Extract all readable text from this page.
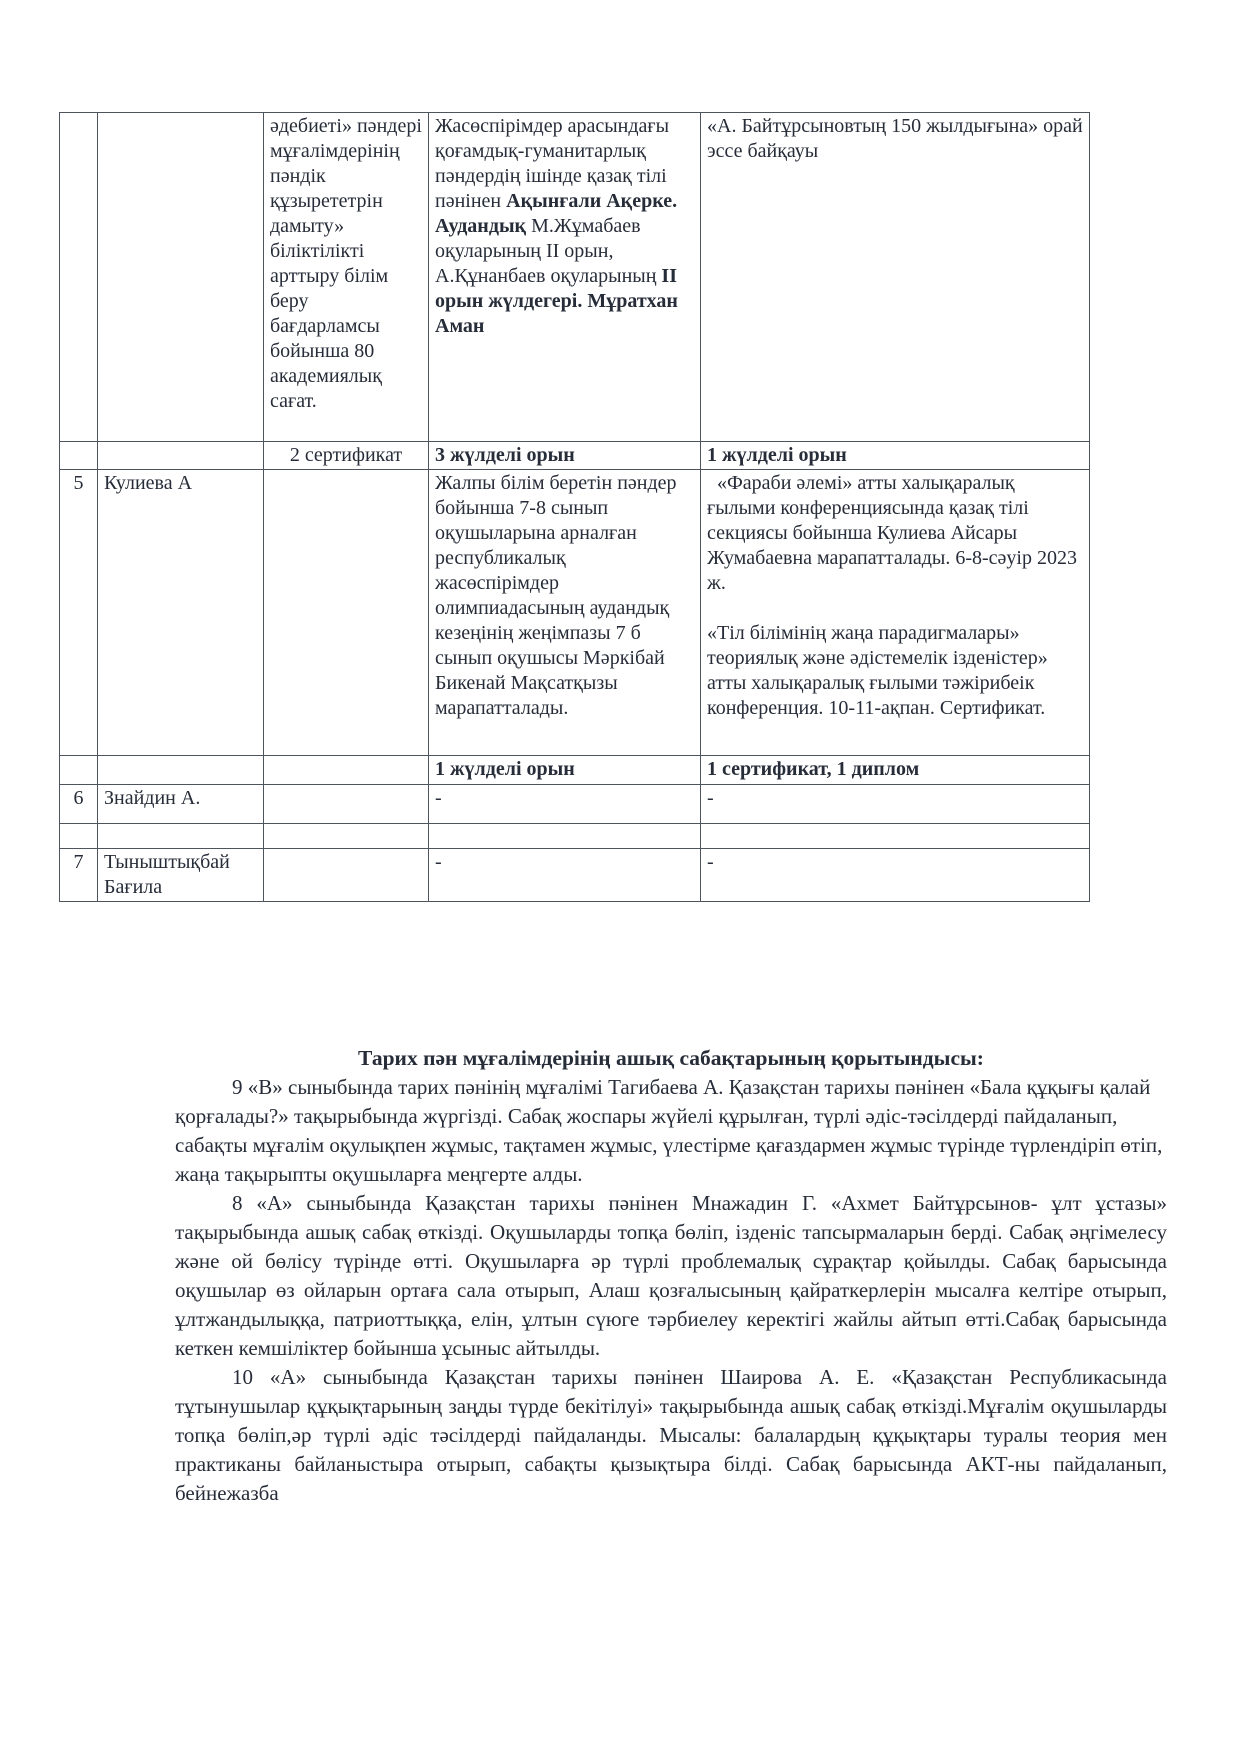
		әдебиеті» пәндері мұғалімдерінің пәндік құзырететрін дамыту» біліктілікті арттыру білім беру бағдарламсы бойынша 80 академиялық сағат.	Жасөспірімдер арасындағы қоғамдық-гуманитарлық пәндердің ішінде қазақ тілі пәнінен Ақынғали Ақерке. Аудандық М.Жұмабаев оқуларының II орын, А.Құнанбаев оқуларының II орын жүлдегері. Мұратхан Аман	«А. Байтұрсыновтың 150 жылдығына» орай эссе байқауы
		2 сертификат	3 жүлделі орын	1 жүлделі орын
5	Кулиева А		Жалпы білім беретін пәндер бойынша 7-8 сынып оқушыларына арналған республикалық жасөспірімдер олимпиадасының аудандық кезеңінің жеңімпазы 7 б сынып оқушысы Мәркібай Бикенай Мақсатқызы марапатталады.	«Фараби әлемі» атты халықаралық ғылыми конференциясында қазақ тілі секциясы бойынша Кулиева Айсары Жумабаевна марапатталады. 6-8-сәуір 2023 ж.

«Тіл білімінің жаңа парадигмалары» теориялық және әдістемелік ізденістер» атты халықаралық ғылыми тәжірибеік конференция. 10-11-ақпан. Сертификат.

			1 жүлделі орын	1 сертификат, 1 диплом
6	Знайдин А.		-	-

7	Тыныштықбай Бағила		-	-

Тарих пән мұғалімдерінің ашық сабақтарының қорытындысы:

9 «В» сыныбында тарих пәнінің мұғалімі Тагибаева А. Қазақстан тарихы пәнінен «Бала құқығы қалай қорғалады?» тақырыбында жүргізді. Сабақ жоспары жүйелі құрылған, түрлі әдіс-тәсілдерді пайдаланып, сабақты мұғалім оқулықпен жұмыс, тақтамен жұмыс, үлестірме қағаздармен жұмыс түрінде түрлендіріп өтіп, жаңа тақырыпты оқушыларға меңгерте алды.

8 «А» сыныбында Қазақстан тарихы пәнінен Мнажадин Г. «Ахмет Байтұрсынов- ұлт ұстазы» тақырыбында ашық сабақ өткізді. Оқушыларды топқа бөліп, ізденіс тапсырмаларын берді. Сабақ әңгімелесу және ой бөлісу түрінде өтті. Оқушыларға әр түрлі проблемалық сұрақтар қойылды. Сабақ барысында оқушылар өз ойларын ортаға сала отырып, Алаш қозғалысының қайраткерлерін мысалға келтіре отырып, ұлтжандылыққа, патриоттыққа, елін, ұлтын сүюге тәрбиелеу керектігі жайлы айтып өтті.Сабақ барысында кеткен кемшіліктер бойынша ұсыныс айтылды.

10 «А» сыныбында Қазақстан тарихы пәнінен Шаирова А. Е. «Қазақстан Республикасында тұтынушылар құқықтарының заңды түрде бекітілуі» тақырыбында ашық сабақ өткізді.Мұғалім оқушыларды топқа бөліп,әр түрлі әдіс тәсілдерді пайдаланды. Мысалы: балалардың құқықтары туралы теория мен практиканы байланыстыра отырып, сабақты қызықтыра білді. Сабақ барысында АКТ-ны пайдаланып, бейнежазба
